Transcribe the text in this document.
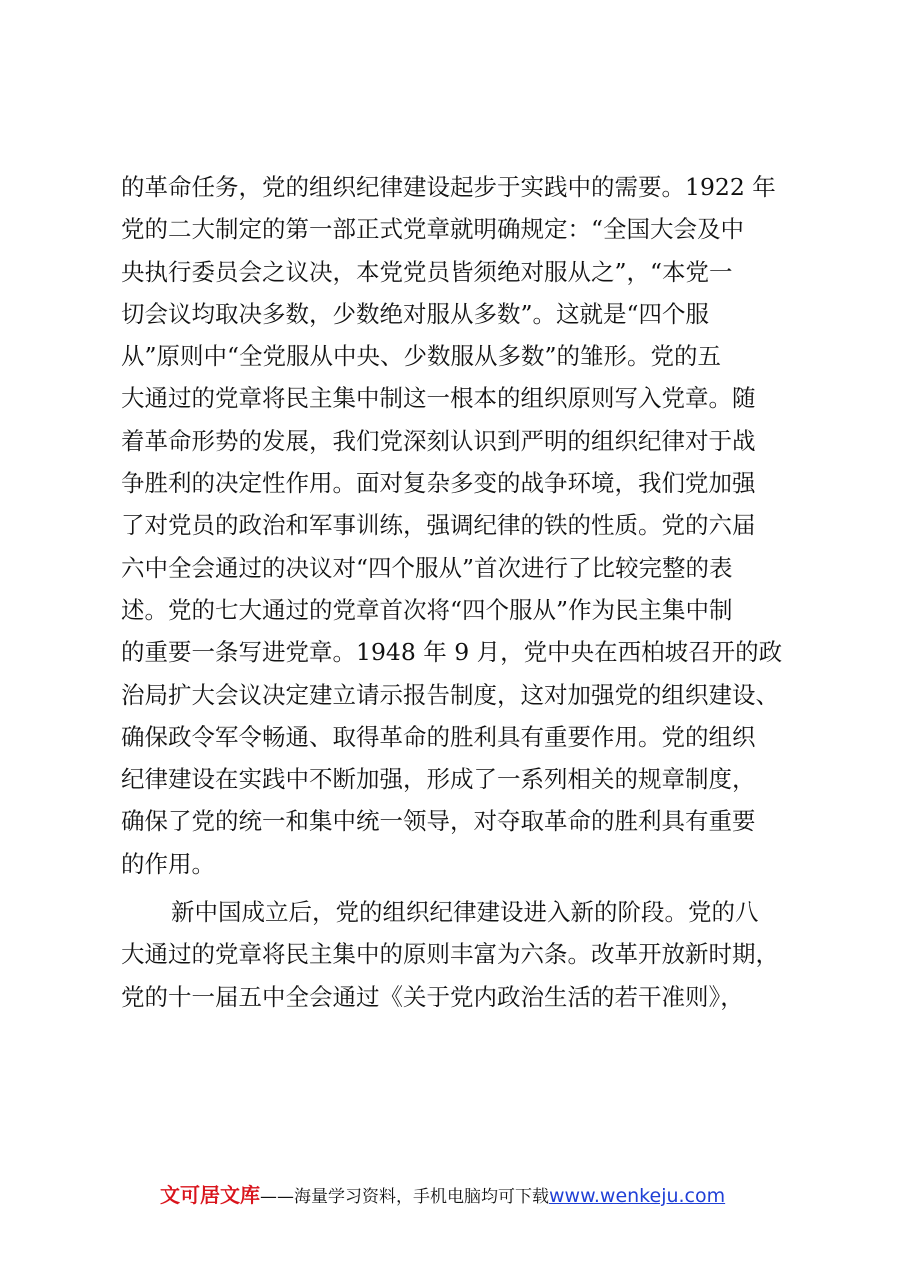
的革命任务，党的组织纪律建设起步于实践中的需要。1922 年
党的二大制定的第一部正式党章就明确规定：“全国大会及中
央执行委员会之议决，本党党员皆须绝对服从之”，“本党一
切会议均取决多数，少数绝对服从多数”。这就是“四个服
从”原则中“全党服从中央、少数服从多数”的雏形。党的五
大通过的党章将民主集中制这一根本的组织原则写入党章。随
着革命形势的发展，我们党深刻认识到严明的组织纪律对于战
争胜利的决定性作用。面对复杂多变的战争环境，我们党加强
了对党员的政治和军事训练，强调纪律的铁的性质。党的六届
六中全会通过的决议对“四个服从”首次进行了比较完整的表
述。党的七大通过的党章首次将“四个服从”作为民主集中制
的重要一条写进党章。1948 年 9 月，党中央在西柏坡召开的政
治局扩大会议决定建立请示报告制度，这对加强党的组织建设、
确保政令军令畅通、取得革命的胜利具有重要作用。党的组织
纪律建设在实践中不断加强，形成了一系列相关的规章制度，
确保了党的统一和集中统一领导，对夺取革命的胜利具有重要
的作用。
新中国成立后，党的组织纪律建设进入新的阶段。党的八
大通过的党章将民主集中的原则丰富为六条。改革开放新时期，
党的十一届五中全会通过《关于党内政治生活的若干准则》，
文可居文库——海量学习资料，手机电脑均可下载www.wenkeju.com
